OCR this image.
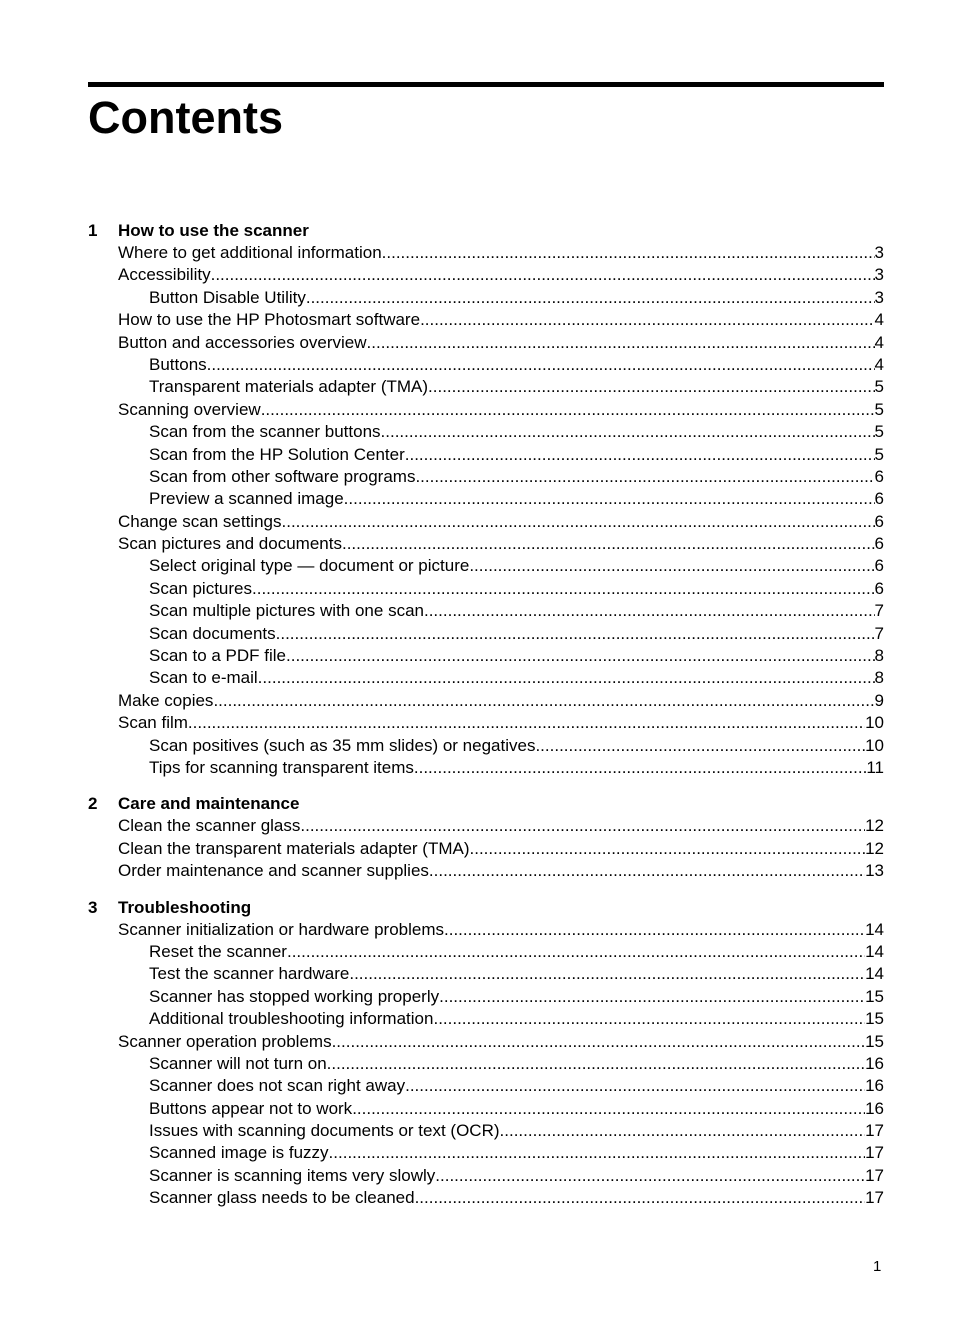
Contents
1 How to use the scanner
Where to get additional information .....	3
Accessibility .....	3
Button Disable Utility .....	3
How to use the HP Photosmart software .....	4
Button and accessories overview .....	4
Buttons .....	4
Transparent materials adapter (TMA) .....	5
Scanning overview .....	5
Scan from the scanner buttons .....	5
Scan from the HP Solution Center .....	5
Scan from other software programs .....	6
Preview a scanned image .....	6
Change scan settings .....	6
Scan pictures and documents .....	6
Select original type — document or picture .....	6
Scan pictures .....	6
Scan multiple pictures with one scan .....	7
Scan documents .....	7
Scan to a PDF file .....	8
Scan to e-mail .....	8
Make copies .....	9
Scan film .....	10
Scan positives (such as 35 mm slides) or negatives .....	10
Tips for scanning transparent items .....	11
2 Care and maintenance
Clean the scanner glass .....	12
Clean the transparent materials adapter (TMA) .....	12
Order maintenance and scanner supplies .....	13
3 Troubleshooting
Scanner initialization or hardware problems .....	14
Reset the scanner .....	14
Test the scanner hardware .....	14
Scanner has stopped working properly .....	15
Additional troubleshooting information .....	15
Scanner operation problems .....	15
Scanner will not turn on .....	16
Scanner does not scan right away .....	16
Buttons appear not to work .....	16
Issues with scanning documents or text (OCR) .....	17
Scanned image is fuzzy .....	17
Scanner is scanning items very slowly .....	17
Scanner glass needs to be cleaned .....	17
1
